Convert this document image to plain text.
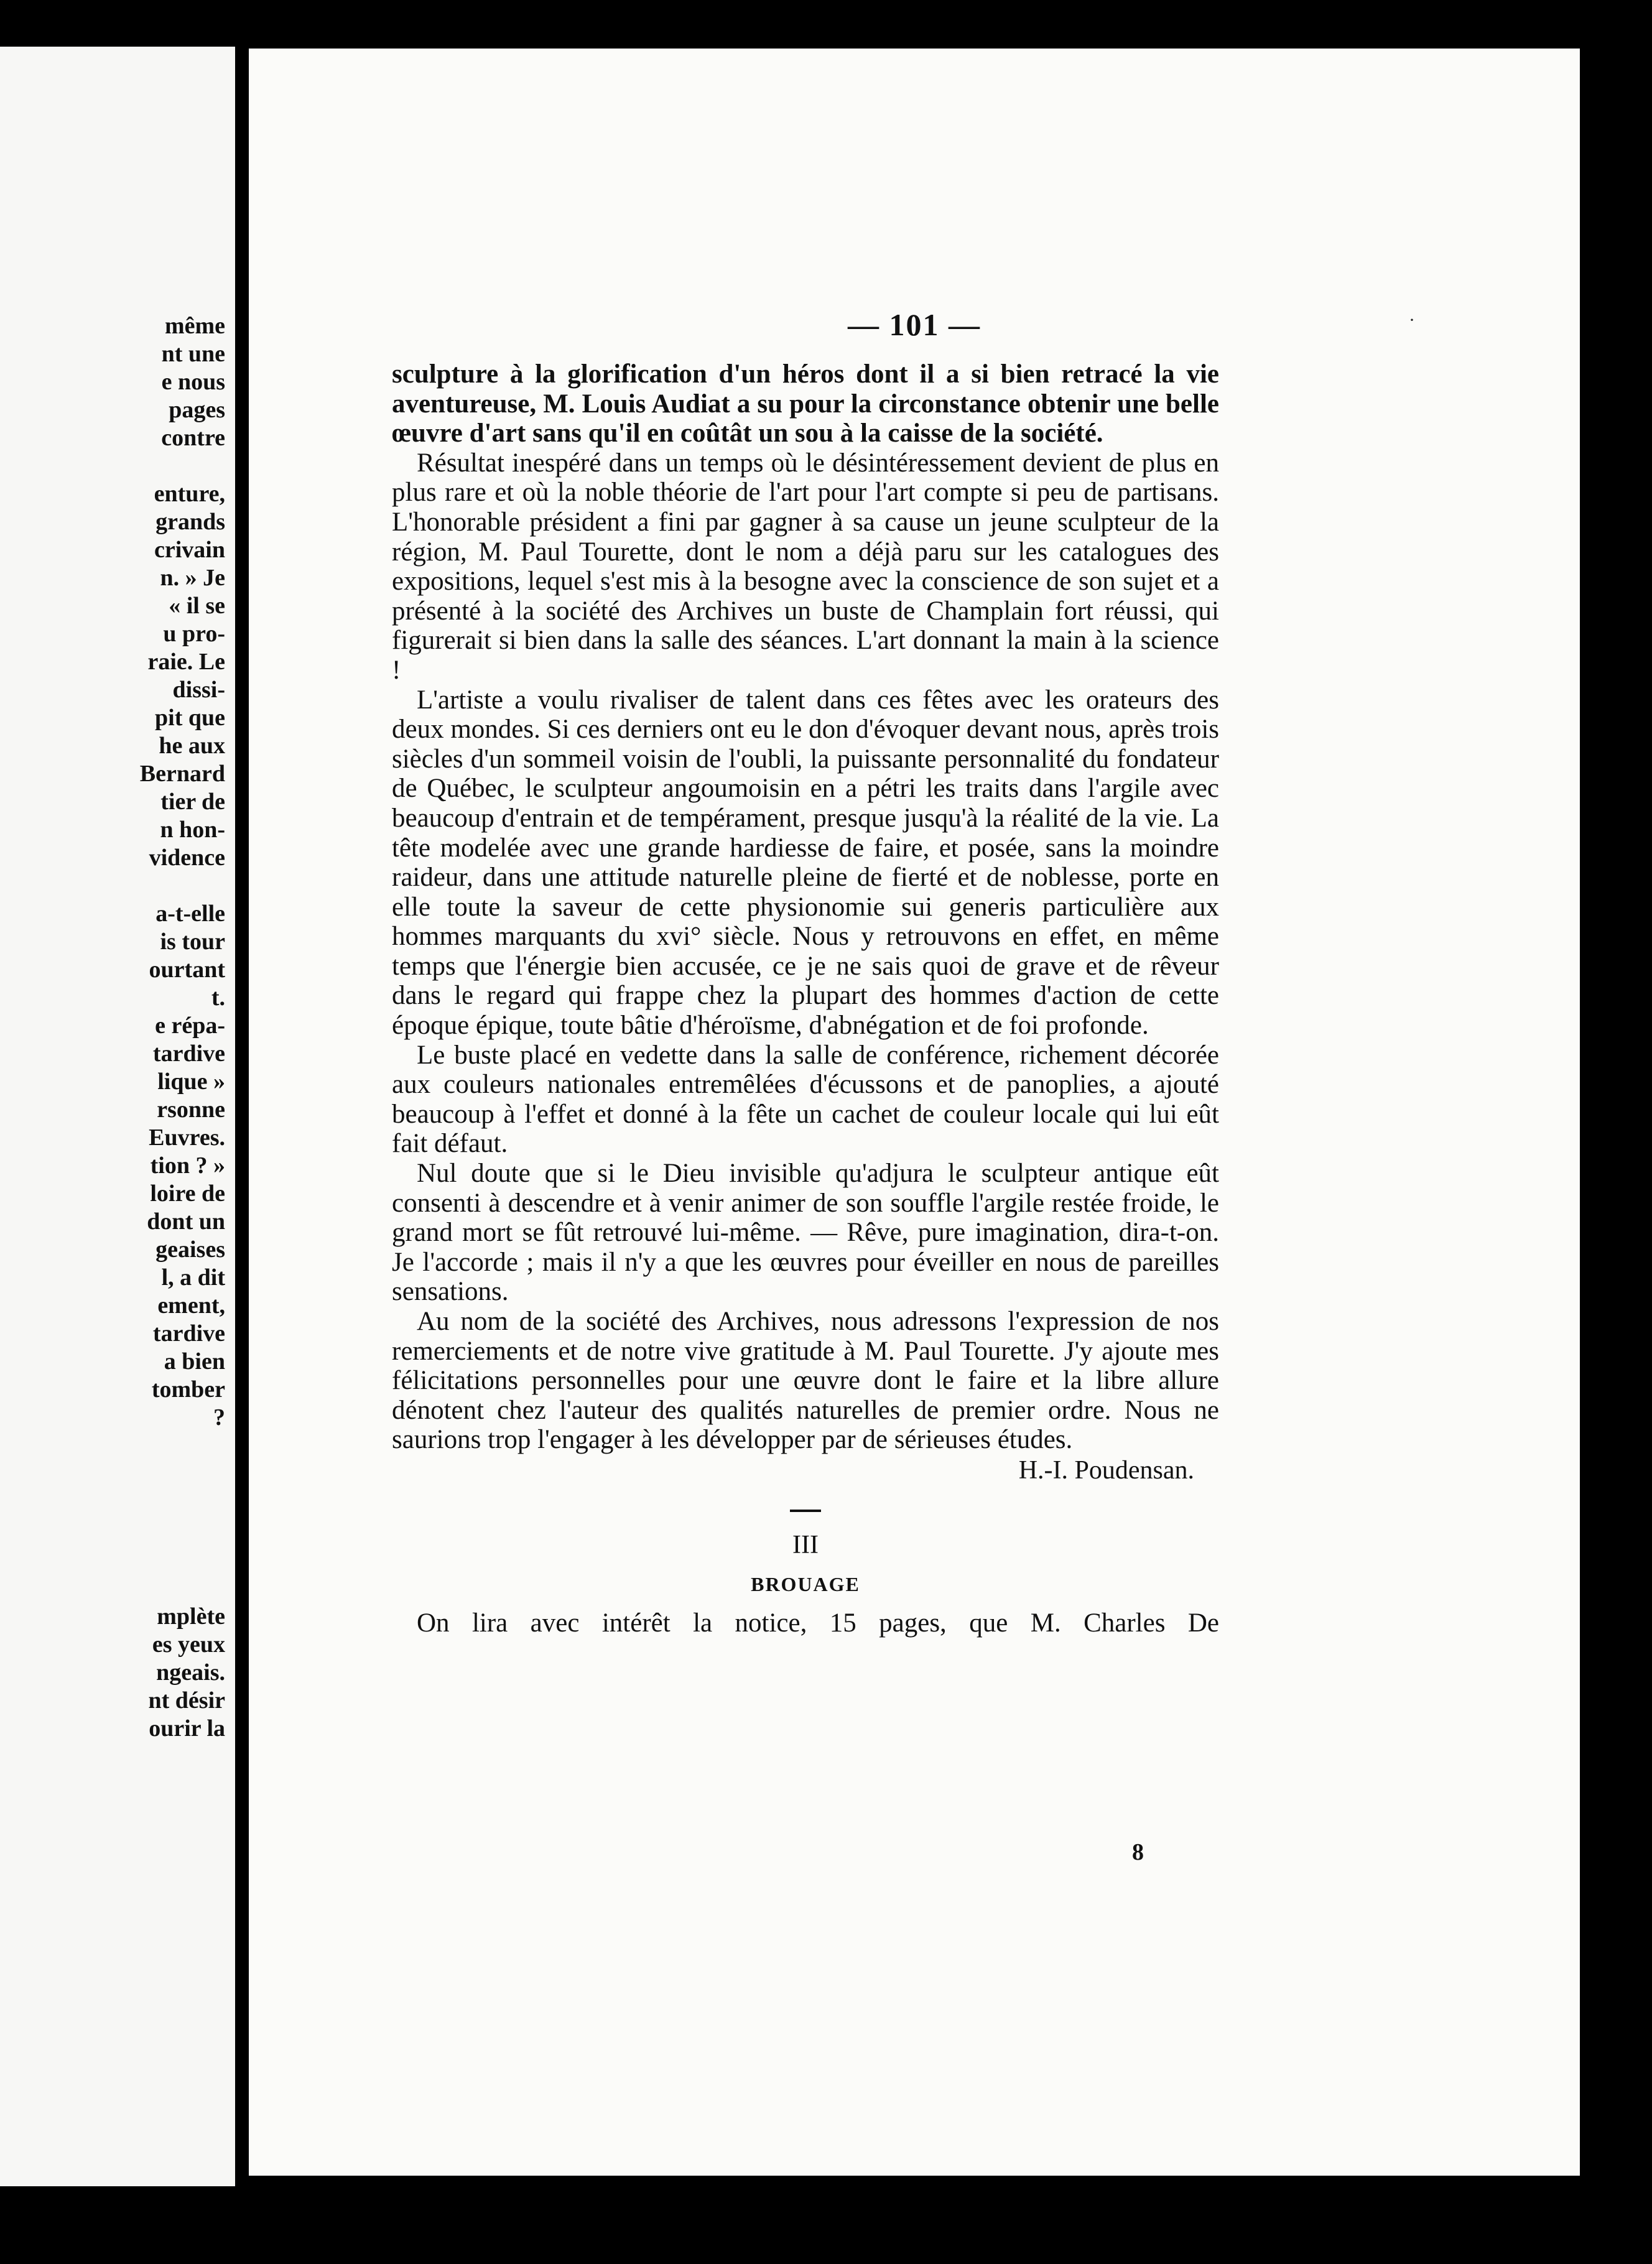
même
nt une
e nous
pages
contre
enture,
grands
crivain
n. » Je
« il se
u pro-
raie. Le
dissi-
pit que
he aux
Bernard
tier de
n hon-
vidence
a-t-elle
is tour
ourtant
t.
e répa-
tardive
lique »
rsonne
Euvres.
tion ? »
loire de
dont un
geaises
l, a dit
ement,
tardive
a bien
tomber
?
mplète
es yeux
ngeais.
nt désir
ourir la
— 101 —	·

sculpture à la glorification d'un héros dont il a si bien retracé la vie aventureuse, M. Louis Audiat a su pour la circonstance obtenir une belle œuvre d'art sans qu'il en coûtât un sou à la caisse de la société.

Résultat inespéré dans un temps où le désintéressement devient de plus en plus rare et où la noble théorie de l'art pour l'art compte si peu de partisans. L'honorable président a fini par gagner à sa cause un jeune sculpteur de la région, M. Paul Tourette, dont le nom a déjà paru sur les catalogues des expositions, lequel s'est mis à la besogne avec la conscience de son sujet et a présenté à la société des Archives un buste de Champlain fort réussi, qui figurerait si bien dans la salle des séances. L'art donnant la main à la science !

L'artiste a voulu rivaliser de talent dans ces fêtes avec les orateurs des deux mondes. Si ces derniers ont eu le don d'évoquer devant nous, après trois siècles d'un sommeil voisin de l'oubli, la puissante personnalité du fondateur de Québec, le sculpteur angoumoisin en a pétri les traits dans l'argile avec beaucoup d'entrain et de tempérament, presque jusqu'à la réalité de la vie. La tête modelée avec une grande hardiesse de faire, et posée, sans la moindre raideur, dans une attitude naturelle pleine de fierté et de noblesse, porte en elle toute la saveur de cette physionomie sui generis particulière aux hommes marquants du xvi° siècle. Nous y retrouvons en effet, en même temps que l'énergie bien accusée, ce je ne sais quoi de grave et de rêveur dans le regard qui frappe chez la plupart des hommes d'action de cette époque épique, toute bâtie d'héroïsme, d'abnégation et de foi profonde.

Le buste placé en vedette dans la salle de conférence, richement décorée aux couleurs nationales entremêlées d'écussons et de panoplies, a ajouté beaucoup à l'effet et donné à la fête un cachet de couleur locale qui lui eût fait défaut.

Nul doute que si le Dieu invisible qu'adjura le sculpteur antique eût consenti à descendre et à venir animer de son souffle l'argile restée froide, le grand mort se fût retrouvé lui-même. — Rêve, pure imagination, dira-t-on. Je l'accorde ; mais il n'y a que les œuvres pour éveiller en nous de pareilles sensations.

Au nom de la société des Archives, nous adressons l'expression de nos remerciements et de notre vive gratitude à M. Paul Tourette. J'y ajoute mes félicitations personnelles pour une œuvre dont le faire et la libre allure dénotent chez l'auteur des qualités naturelles de premier ordre. Nous ne saurions trop l'engager à les développer par de sérieuses études.

H.-I. Poudensan.
III
BROUAGE
On lira avec intérêt la notice, 15 pages, que M. Charles De
8
